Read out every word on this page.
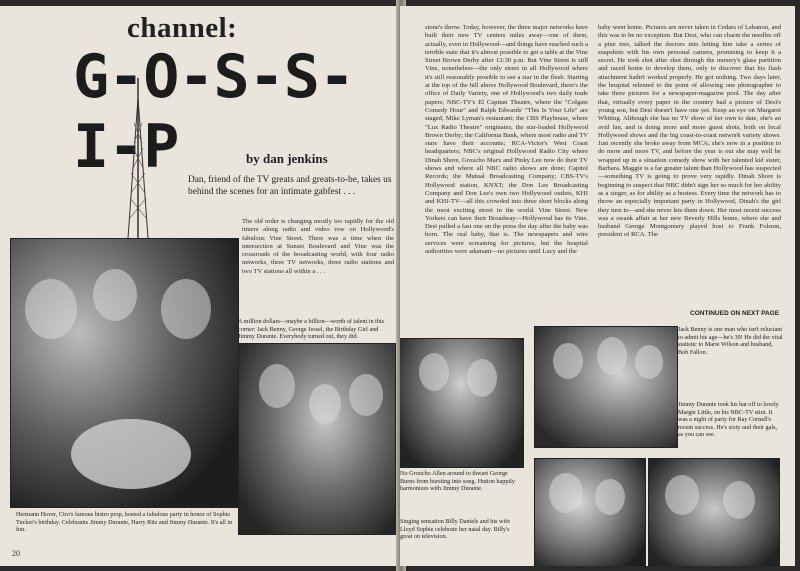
channel:
G-O-S-S-I-P	by dan jenkins
Dan, friend of the TV greats and greats-to-be, takes us behind the scenes for an intimate gabfest . . .
The old order is changing mostly too rapidly for the old timers along radio and video row on Hollywood's fabulous Vine Street. There was a time when the intersection at Sunset Boulevard and Vine was the crossroads of the broadcasting world, with four radio networks, three TV networks, three radio stations and two TV stations all within a . . .
A million dollars—maybe a billion—worth of talent in this corner: Jack Benny, George Jessel, the Birthday Girl and Jimmy Durante. Everybody turned out, they did.
Hermann Hover, Ciro's famous bistro prop, hosted a fabulous party in honor of Sophie Tucker's birthday. Celebrants Jimmy Durante, Harry Ritz and Jimmy Durante. It's all in fun.
20
stone's throw. Today, however, the three major networks have built their new TV centers miles away—one of them, actually, even in Hollywood—and things have reached such a terrible state that it's almost possible to get a table at the Vine Street Brown Derby after 12:30 p.m. But Vine Street is still Vine, nonetheless—the only street in all Hollywood where it's still reasonably possible to see a star in the flesh. Starting at the top of the hill above Hollywood Boulevard, there's the office of Daily Variety, one of Hollywood's two daily trade papers; NBC-TV's El Capitan Theatre, where the "Colgate Comedy Hour" and Ralph Edwards' "This Is Your Life" are staged; Mike Lyman's restaurant; the CBS Playhouse, where "Lux Radio Theatre" originates; the star-loaded Hollywood Brown Derby; the California Bank, where most radio and TV stars have their accounts; RCA-Victor's West Coast headquarters; NBC's original Hollywood Radio City where Dinah Shore, Groucho Marx and Pinky Lee now do their TV shows and where all NBC radio shows are done; Capitol Records; the Mutual Broadcasting Company; CBS-TV's Hollywood station, KNXT; the Don Lee Broadcasting Company and Don Lee's own two Hollywood outlets, KHJ and KHJ-TV—all this crowded into three short blocks along the most exciting street in the world. Vine Street. New Yorkers can have their Broadway—Hollywood has its Vine. Desi pulled a fast one on the press the day after the baby was born. The real baby, that is. The newspapers and wire services were screaming for pictures, but the hospital authorities were adamant—no pictures until Lucy and the
baby went home. Pictures are never taken in Cedars of Lebanon, and this was to be no exception. But Desi, who can charm the needles off a pine tree, talked the doctors into letting him take a series of snapshots with his own personal camera, promising to keep it a secret. He took shot after shot through the nursery's glass partition and raced home to develop them, only to discover that his flash attachment hadn't worked properly. He got nothing. Two days later, the hospital relented to the point of allowing one photographer to take three pictures for a newspaper-magazine pool. The day after that, virtually every paper in the country had a picture of Desi's young son, but Desi doesn't have one yet. Keep an eye on Margaret Whiting. Although she has no TV show of her own to date, she's an avid fan, and is doing more and more guest shots, both on local Hollywood shows and the big coast-to-coast network variety shows. Just recently she broke away from MCA; she's now in a position to do more and more TV, and before the year is out she may well be wrapped up in a situation comedy show with her talented kid sister, Barbara. Maggie is a far greater talent than Hollywood has suspected—something TV is going to prove very rapidly. Dinah Shore is beginning to suspect that NBC didn't sign her so much for her ability as a singer, as for ability as a hostess. Every time the network has to throw an especially important party in Hollywood, Dinah's the girl they turn to—and she never lets them down. Her most recent success was a swank affair at her new Beverly Hills home, where she and husband George Montgomery played host to Frank Folsom, president of RCA. The
CONTINUED ON NEXT PAGE
No Groucho Allen around to thwart George Burns from bursting into song. Hutton happily harmonizes with Jimmy Durante.
Singing sensation Billy Daniels and his wife Lloyd Sophie celebrate her natal day. Billy's great on television.
Jack Benny is one man who isn't reluctant to admit his age—he's 39! He did the vital statistic to Marie Wilson and husband, Bob Fallon.
Jimmy Durante took his hat off to lovely Margie Little, on his NBC-TV stint. It was a night of party for Ray Cornell's recent success. He's sixty and their gals, as you can see.
